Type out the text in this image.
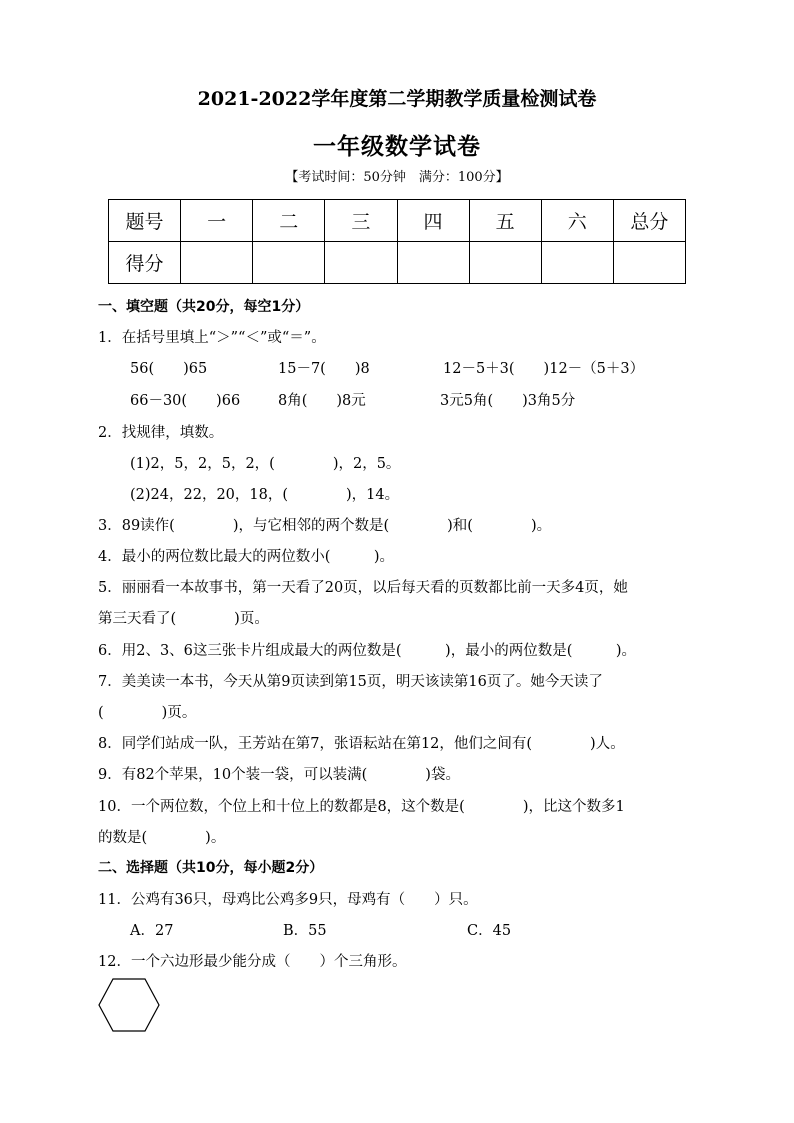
2021-2022学年度第二学期教学质量检测试卷
一年级数学试卷
【考试时间：50分钟　满分：100分】
题号	一	二	三	四	五	六	总分
得分							
一、填空题（共20分，每空1分）
1．在括号里填上“＞”“＜”或“＝”。
56(　　)65	15－7(　　)8	12－5＋3(　　)12－（5＋3）
66－30(　　)66	8角(　　)8元	3元5角(　　)3角5分
2．找规律，填数。
(1)2，5，2，5，2，(　　　　)，2，5。
(2)24，22，20，18，(　　　　)，14。
3．89读作(　　　　)，与它相邻的两个数是(　　　　)和(　　　　)。
4．最小的两位数比最大的两位数小(　　　)。
5．丽丽看一本故事书，第一天看了20页，以后每天看的页数都比前一天多4页，她
第三天看了(　　　　)页。
6．用2、3、6这三张卡片组成最大的两位数是(　　　)，最小的两位数是(　　　)。
7．美美读一本书，今天从第9页读到第15页，明天该读第16页了。她今天读了
(　　　　)页。
8．同学们站成一队，王芳站在第7，张语耘站在第12，他们之间有(　　　　)人。
9．有82个苹果，10个装一袋，可以装满(　　　　)袋。
10．一个两位数，个位上和十位上的数都是8，这个数是(　　　　)，比这个数多1
的数是(　　　　)。
二、选择题（共10分，每小题2分）
11．公鸡有36只，母鸡比公鸡多9只，母鸡有（　　）只。
A．27	B．55	C．45
12．一个六边形最少能分成（　　）个三角形。
